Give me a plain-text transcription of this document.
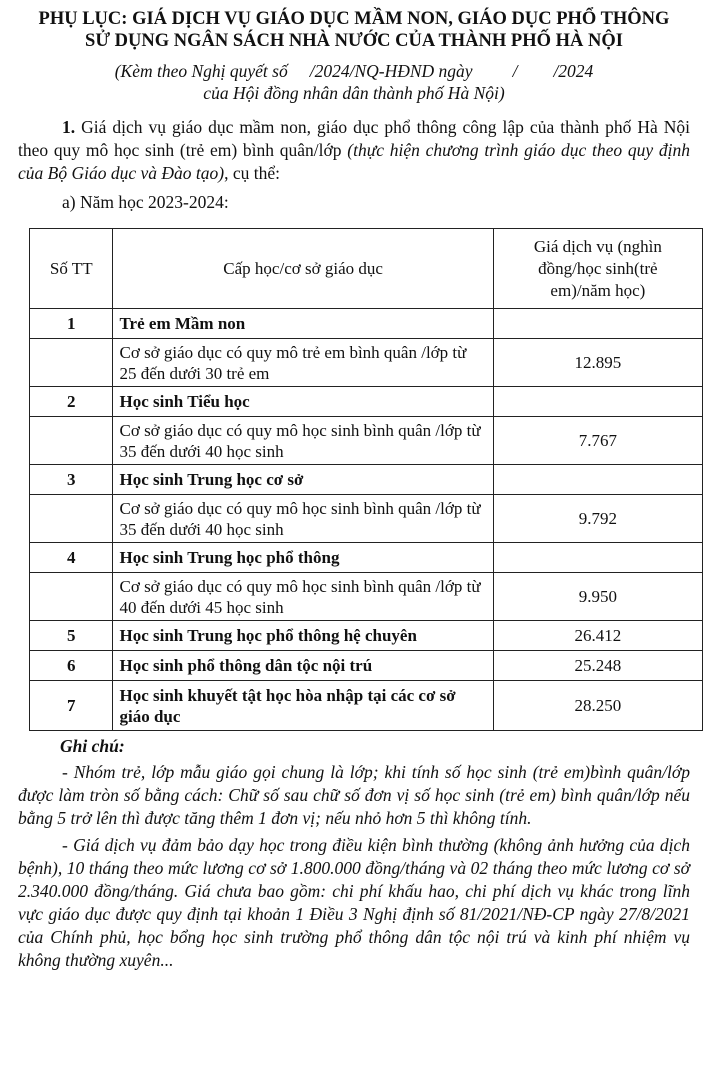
PHỤ LỤC: GIÁ DỊCH VỤ GIÁO DỤC MẦM NON, GIÁO DỤC PHỔ THÔNG

SỬ DỤNG NGÂN SÁCH NHÀ NƯỚC CỦA THÀNH PHỐ HÀ NỘI

(Kèm theo Nghị quyết số /2024/NQ-HĐND ngày / /2024

của Hội đồng nhân dân thành phố Hà Nội)

1. Giá dịch vụ giáo dục mầm non, giáo dục phổ thông công lập của thành phố Hà Nội theo quy mô học sinh (trẻ em) bình quân/lớp (thực hiện chương trình giáo dục theo quy định của Bộ Giáo dục và Đào tạo), cụ thể:

a) Năm học 2023-2024:

Số TT	Cấp học/cơ sở giáo dục	Giá dịch vụ (nghìn đồng/học sinh(trẻ em)/năm học)
1	Trẻ em Mầm non	
	Cơ sở giáo dục có quy mô trẻ em bình quân /lớp từ 25 đến dưới 30 trẻ em	12.895
2	Học sinh Tiểu học	
	Cơ sở giáo dục có quy mô học sinh bình quân /lớp từ 35 đến dưới 40 học sinh	7.767
3	Học sinh Trung học cơ sở	
	Cơ sở giáo dục có quy mô học sinh bình quân /lớp từ 35 đến dưới 40 học sinh	9.792
4	Học sinh Trung học phổ thông	
	Cơ sở giáo dục có quy mô học sinh bình quân /lớp từ 40 đến dưới 45 học sinh	9.950
5	Học sinh Trung học phổ thông hệ chuyên	26.412
6	Học sinh phổ thông dân tộc nội trú	25.248
7	Học sinh khuyết tật học hòa nhập tại các cơ sở giáo dục	28.250

Ghi chú:

- Nhóm trẻ, lớp mẫu giáo gọi chung là lớp; khi tính số học sinh (trẻ em)bình quân/lớp được làm tròn số bằng cách: Chữ số sau chữ số đơn vị số học sinh (trẻ em) bình quân/lớp nếu bằng 5 trở lên thì được tăng thêm 1 đơn vị; nếu nhỏ hơn 5 thì không tính.

- Giá dịch vụ đảm bảo dạy học trong điều kiện bình thường (không ảnh hưởng của dịch bệnh), 10 tháng theo mức lương cơ sở 1.800.000 đồng/tháng và 02 tháng theo mức lương cơ sở 2.340.000 đồng/tháng. Giá chưa bao gồm: chi phí khấu hao, chi phí dịch vụ khác trong lĩnh vực giáo dục được quy định tại khoản 1 Điều 3 Nghị định số 81/2021/NĐ-CP ngày 27/8/2021 của Chính phủ, học bổng học sinh trường phổ thông dân tộc nội trú và kinh phí nhiệm vụ không thường xuyên...
